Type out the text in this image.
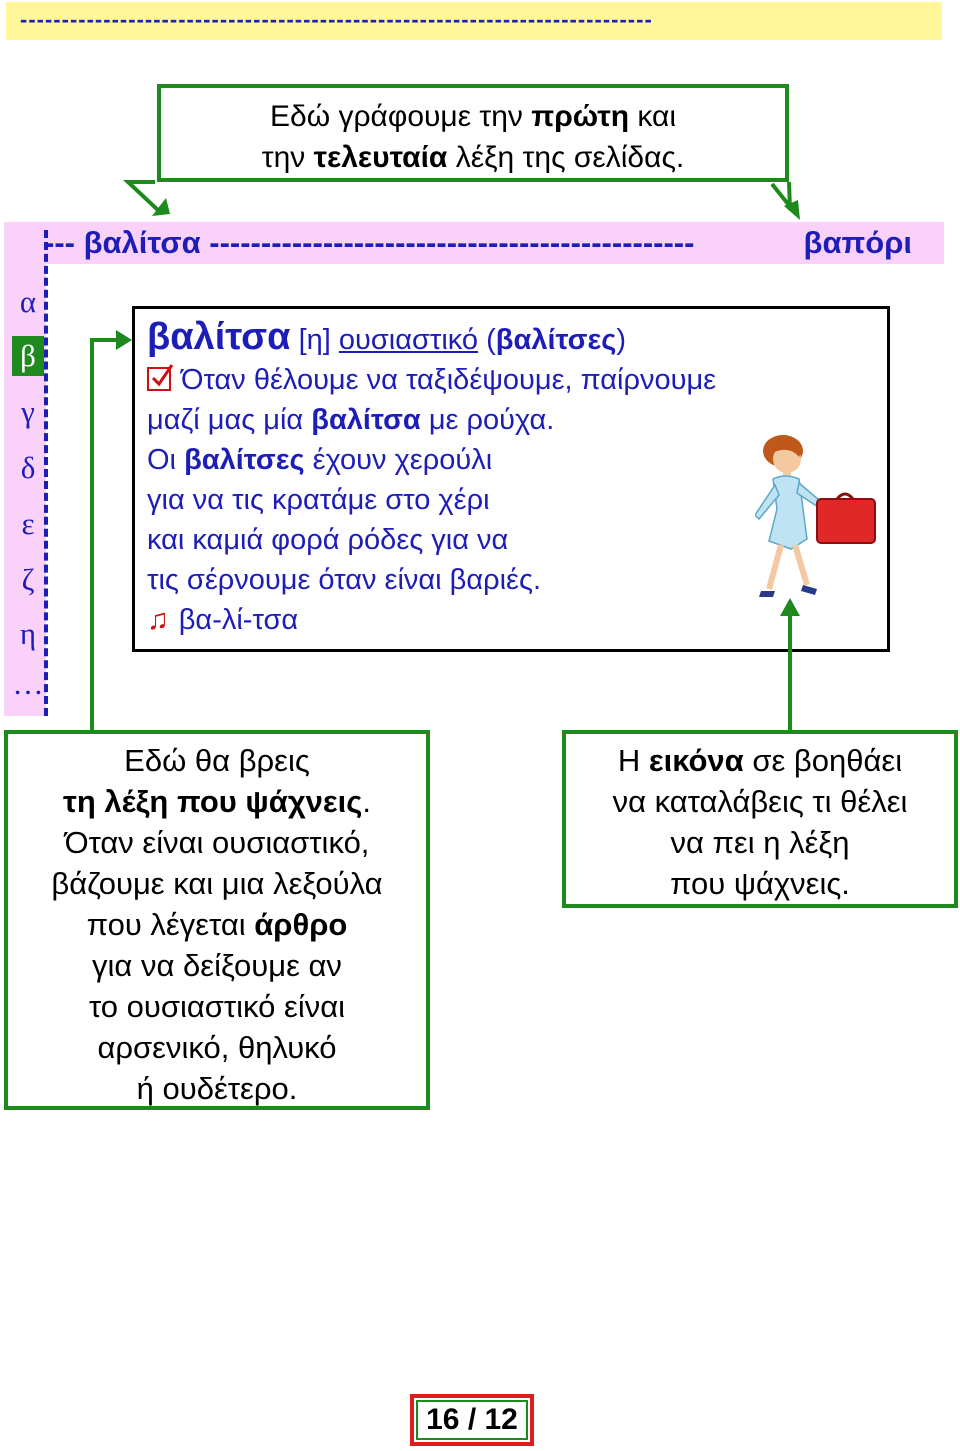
----------------------------------------------------------------------------
Εδώ γράφουμε την πρώτη και
την τελευταία λέξη της σελίδας.
--- βαλίτσα -----------------------------------------------	βαπόρι
α
β
γ
δ
ε
ζ
η
…
βαλίτσα [η] ουσιαστικό (βαλίτσες)
Όταν θέλουμε να ταξιδέψουμε, παίρνουμε
μαζί μας μία βαλίτσα με ρούχα.
Οι βαλίτσες έχουν χερούλι
για να τις κρατάμε στο χέρι
και καμιά φορά ρόδες για να
τις σέρνουμε όταν είναι βαριές.
♫ βα-λί-τσα
Εδώ θα βρεις
τη λέξη που ψάχνεις.
Όταν είναι ουσιαστικό,
βάζουμε και μια λεξούλα
που λέγεται άρθρο
για να δείξουμε αν
το ουσιαστικό είναι
αρσενικό, θηλυκό
ή ουδέτερο.
Η εικόνα σε βοηθάει
να καταλάβεις τι θέλει
να πει η λέξη
που ψάχνεις.
16 / 12
